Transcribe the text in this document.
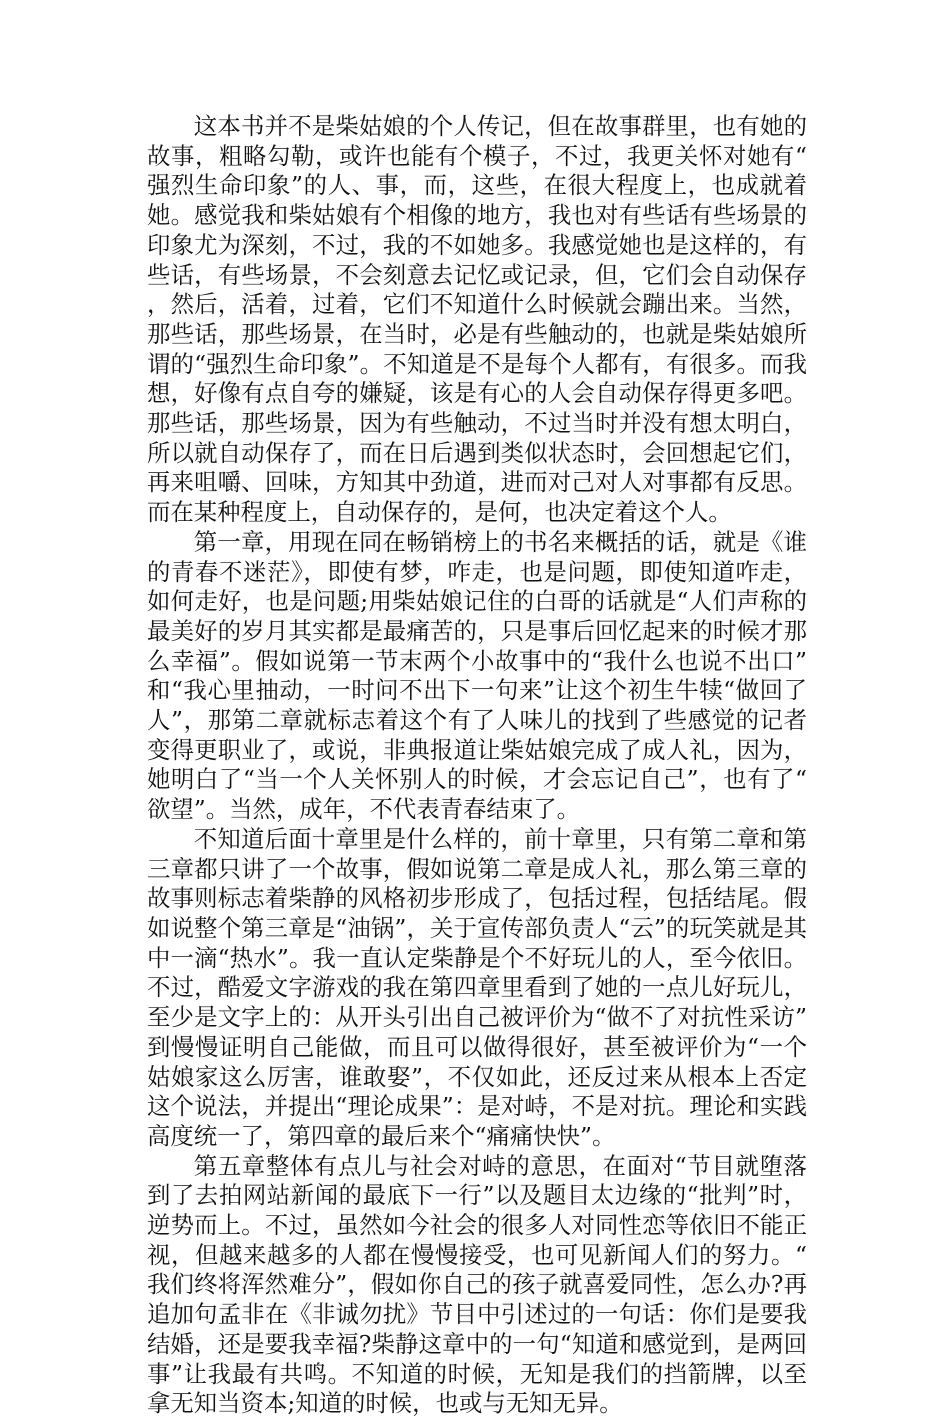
这本书并不是柴姑娘的个人传记，但在故事群里，也有她的故事，粗略勾勒，或许也能有个模子，不过，我更关怀对她有“强烈生命印象”的人、事，而，这些，在很大程度上，也成就着她。感觉我和柴姑娘有个相像的地方，我也对有些话有些场景的印象尤为深刻，不过，我的不如她多。我感觉她也是这样的，有些话，有些场景，不会刻意去记忆或记录，但，它们会自动保存，然后，活着，过着，它们不知道什么时候就会蹦出来。当然，那些话，那些场景，在当时，必是有些触动的，也就是柴姑娘所谓的“强烈生命印象”。不知道是不是每个人都有，有很多。而我想，好像有点自夸的嫌疑，该是有心的人会自动保存得更多吧。那些话，那些场景，因为有些触动，不过当时并没有想太明白，所以就自动保存了，而在日后遇到类似状态时，会回想起它们，再来咀嚼、回味，方知其中劲道，进而对己对人对事都有反思。而在某种程度上，自动保存的，是何，也决定着这个人。

第一章，用现在同在畅销榜上的书名来概括的话，就是《谁的青春不迷茫》，即使有梦，咋走，也是问题，即使知道咋走，如何走好，也是问题;用柴姑娘记住的白哥的话就是“人们声称的最美好的岁月其实都是最痛苦的，只是事后回忆起来的时候才那么幸福”。假如说第一节末两个小故事中的“我什么也说不出口”和“我心里抽动，一时问不出下一句来”让这个初生牛犊“做回了人”，那第二章就标志着这个有了人味儿的找到了些感觉的记者变得更职业了，或说，非典报道让柴姑娘完成了成人礼，因为，她明白了“当一个人关怀别人的时候，才会忘记自己”，也有了“欲望”。当然，成年，不代表青春结束了。

不知道后面十章里是什么样的，前十章里，只有第二章和第三章都只讲了一个故事，假如说第二章是成人礼，那么第三章的故事则标志着柴静的风格初步形成了，包括过程，包括结尾。假如说整个第三章是“油锅”，关于宣传部负责人“云”的玩笑就是其中一滴“热水”。我一直认定柴静是个不好玩儿的人，至今依旧。不过，酷爱文字游戏的我在第四章里看到了她的一点儿好玩儿，至少是文字上的：从开头引出自己被评价为“做不了对抗性采访”到慢慢证明自己能做，而且可以做得很好，甚至被评价为“一个姑娘家这么厉害，谁敢娶”，不仅如此，还反过来从根本上否定这个说法，并提出“理论成果”：是对峙，不是对抗。理论和实践高度统一了，第四章的最后来个“痛痛快快”。

第五章整体有点儿与社会对峙的意思，在面对“节目就堕落到了去拍网站新闻的最底下一行”以及题目太边缘的“批判”时，逆势而上。不过，虽然如今社会的很多人对同性恋等依旧不能正视，但越来越多的人都在慢慢接受，也可见新闻人们的努力。“我们终将浑然难分”，假如你自己的孩子就喜爱同性，怎么办?再追加句孟非在《非诚勿扰》节目中引述过的一句话：你们是要我结婚，还是要我幸福?柴静这章中的一句“知道和感觉到，是两回事”让我最有共鸣。不知道的时候，无知是我们的挡箭牌，以至拿无知当资本;知道的时候，也或与无知无异。
